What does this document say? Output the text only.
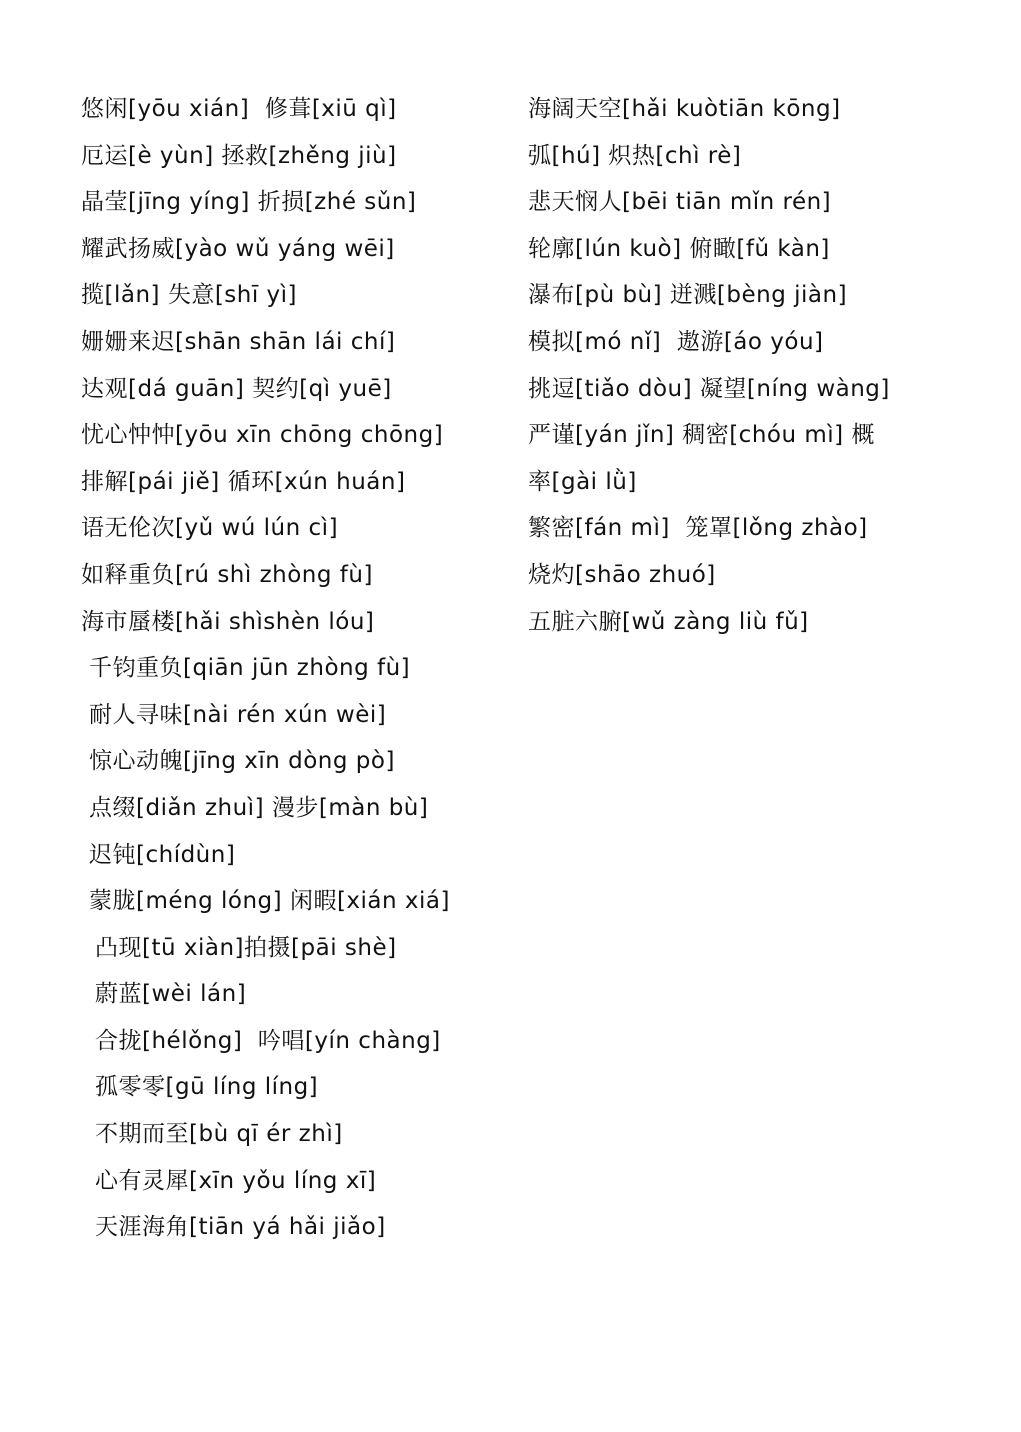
悠闲[yōu xián]  修葺[xiū qì]
厄运[è yùn] 拯救[zhěng jiù]
晶莹[jīng yíng] 折损[zhé sǔn]
耀武扬威[yào wǔ yáng wēi]
揽[lǎn] 失意[shī yì]
姗姗来迟[shān shān lái chí]
达观[dá guān] 契约[qì yuē]
忧心忡忡[yōu xīn chōng chōng]
排解[pái jiě] 循环[xún huán]
语无伦次[yǔ wú lún cì]
如释重负[rú shì zhòng fù]
海市蜃楼[hǎi shìshèn lóu]
千钧重负[qiān jūn zhòng fù]
耐人寻味[nài rén xún wèi]
惊心动魄[jīng xīn dòng pò]
点缀[diǎn zhuì] 漫步[màn bù]
迟钝[chídùn]
蒙胧[méng lóng] 闲暇[xián xiá]
凸现[tū xiàn]拍摄[pāi shè]
蔚蓝[wèi lán]
合拢[hélǒng]  吟唱[yín chàng]
孤零零[gū líng líng]
不期而至[bù qī ér zhì]
心有灵犀[xīn yǒu líng xī]
天涯海角[tiān yá hǎi jiǎo]
海阔天空[hǎi kuòtiān kōng]
弧[hú] 炽热[chì rè]
悲天悯人[bēi tiān mǐn rén]
轮廓[lún kuò] 俯瞰[fǔ kàn]
瀑布[pù bù] 迸溅[bèng jiàn]
模拟[mó nǐ]  遨游[áo yóu]
挑逗[tiǎo dòu] 凝望[níng wàng]
严谨[yán jǐn] 稠密[chóu mì] 概
率[gài lǜ]
繁密[fán mì]  笼罩[lǒng zhào]
烧灼[shāo zhuó]
五脏六腑[wǔ zàng liù fǔ]
